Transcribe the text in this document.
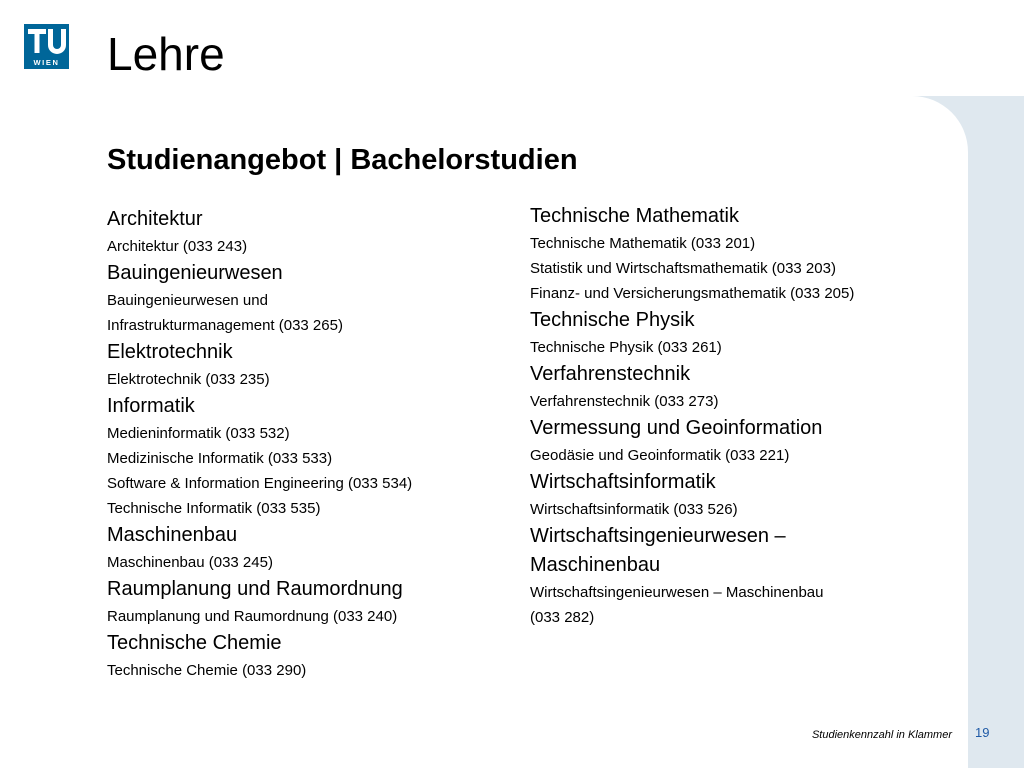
WIEN Lehre
Studienangebot | Bachelorstudien
Architektur
Architektur (033 243)
Bauingenieurwesen
Bauingenieurwesen und
Infrastrukturmanagement (033 265)
Elektrotechnik
Elektrotechnik (033 235)
Informatik
Medieninformatik (033 532)
Medizinische Informatik (033 533)
Software & Information Engineering (033 534)
Technische Informatik (033 535)
Maschinenbau
Maschinenbau (033 245)
Raumplanung und Raumordnung
Raumplanung und Raumordnung (033 240)
Technische Chemie
Technische Chemie (033 290)
Technische Mathematik
Technische Mathematik (033 201)
Statistik und Wirtschaftsmathematik (033 203)
Finanz- und Versicherungsmathematik (033 205)
Technische Physik
Technische Physik (033 261)
Verfahrenstechnik
Verfahrenstechnik (033 273)
Vermessung und Geoinformation
Geodäsie und Geoinformatik (033 221)
Wirtschaftsinformatik
Wirtschaftsinformatik (033 526)
Wirtschaftsingenieurwesen –
Maschinenbau
Wirtschaftsingenieurwesen – Maschinenbau
(033 282)
Studienkennzahl in Klammer 19
